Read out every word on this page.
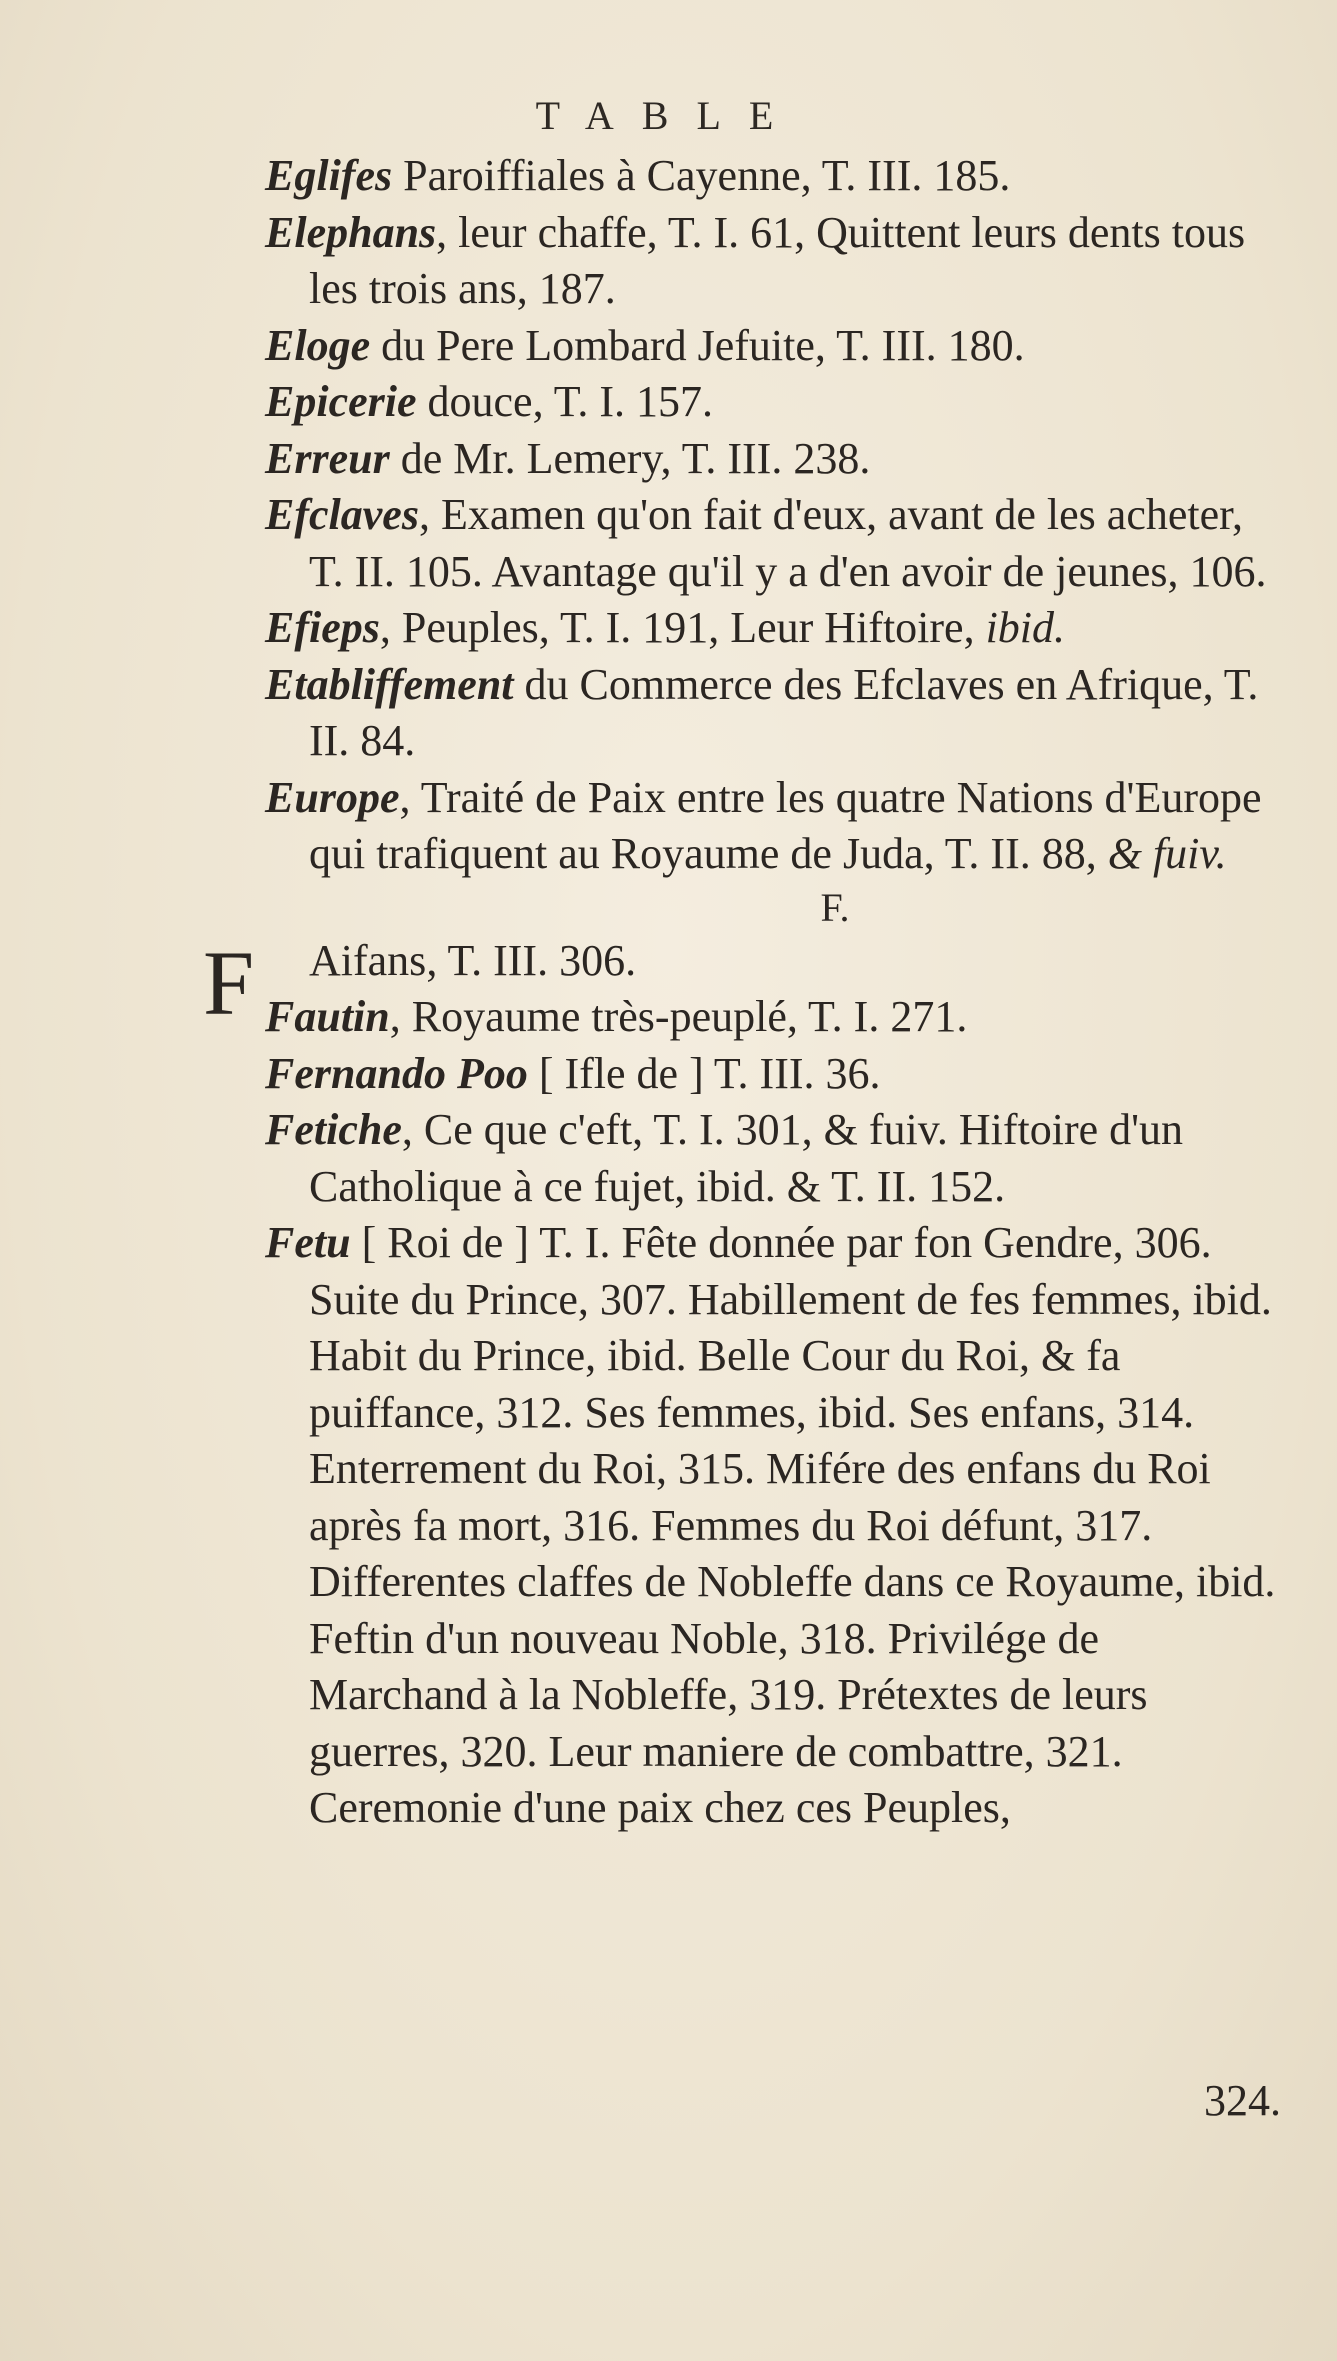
TABLE

Eglifes Paroiffiales à Cayenne, T. III. 185.

Elephans, leur chaffe, T. I. 61, Quittent leurs dents tous les trois ans, 187.

Eloge du Pere Lombard Jefuite, T. III. 180.

Epicerie douce, T. I. 157.

Erreur de Mr. Lemery, T. III. 238.

Efclaves, Examen qu'on fait d'eux, avant de les acheter, T. II. 105. Avantage qu'il y a d'en avoir de jeunes, 106.

Efieps, Peuples, T. I. 191, Leur Hiftoire, ibid.

Etabliffement du Commerce des Efclaves en Afrique, T. II. 84.

Europe, Traité de Paix entre les quatre Nations d'Europe qui trafiquent au Royaume de Juda, T. II. 88, & fuiv.

F.

F Aifans, T. III. 306.

Fautin, Royaume très-peuplé, T. I. 271.

Fernando Poo [ Ifle de ] T. III. 36.

Fetiche, Ce que c'eft, T. I. 301, & fuiv. Hiftoire d'un Catholique à ce fujet, ibid. & T. II. 152.

Fetu [ Roi de ] T. I. Fête donnée par fon Gendre, 306. Suite du Prince, 307. Habillement de fes femmes, ibid. Habit du Prince, ibid. Belle Cour du Roi, & fa puiffance, 312. Ses femmes, ibid. Ses enfans, 314. Enterrement du Roi, 315. Mifére des enfans du Roi après fa mort, 316. Femmes du Roi défunt, 317. Differentes claffes de Nobleffe dans ce Royaume, ibid. Feftin d'un nouveau Noble, 318. Privilége de Marchand à la Nobleffe, 319. Prétextes de leurs guerres, 320. Leur maniere de combattre, 321. Ceremonie d'une paix chez ces Peuples,

324.
